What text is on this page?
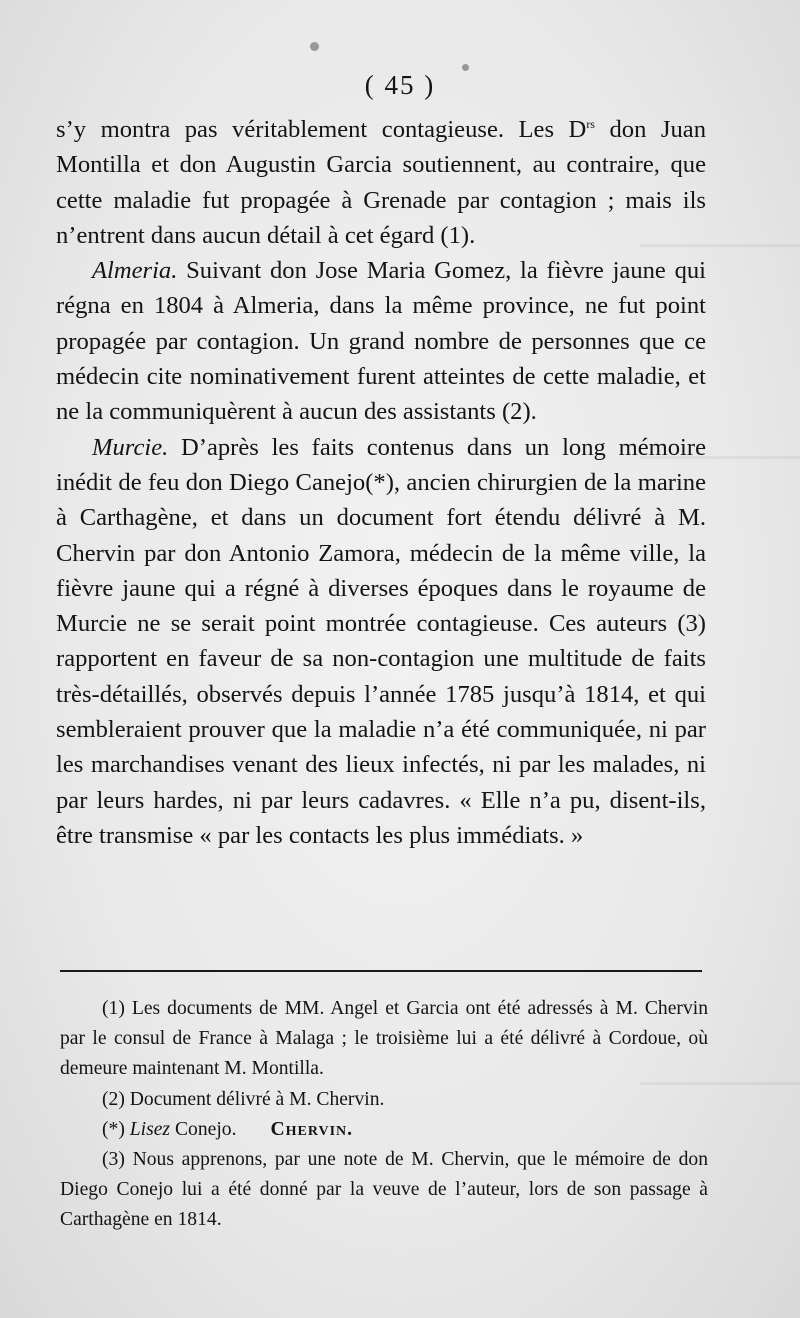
( 45 )

s’y montra pas véritablement contagieuse. Les $D^{rs}$ don Juan Montilla et don Augustin Garcia soutiennent, au contraire, que cette maladie fut propagée à Grenade par contagion ; mais ils n’entrent dans aucun détail à cet égard (1).

Almeria. Suivant don Jose Maria Gomez, la fièvre jaune qui régna en 1804 à Almeria, dans la même province, ne fut point propagée par contagion. Un grand nombre de personnes que ce médecin cite nominativement furent atteintes de cette maladie, et ne la communiquèrent à aucun des assistants (2).

Murcie. D’après les faits contenus dans un long mémoire inédit de feu don Diego Canejo(*), ancien chirurgien de la marine à Carthagène, et dans un document fort étendu délivré à M. Chervin par don Antonio Zamora, médecin de la même ville, la fièvre jaune qui a régné à diverses époques dans le royaume de Murcie ne se serait point montrée contagieuse. Ces auteurs (3) rapportent en faveur de sa non-contagion une multitude de faits très-détaillés, observés depuis l’année 1785 jusqu’à 1814, et qui sembleraient prouver que la maladie n’a été communiquée, ni par les marchandises venant des lieux infectés, ni par les malades, ni par leurs hardes, ni par leurs cadavres. « Elle n’a pu, disent-ils, être transmise « par les contacts les plus immédiats. »

(1) Les documents de MM. Angel et Garcia ont été adressés à M. Chervin par le consul de France à Malaga ; le troisième lui a été délivré à Cordoue, où demeure maintenant M. Montilla.

(2) Document délivré à M. Chervin.

(*) Lisez Conejo. Chervin.

(3) Nous apprenons, par une note de M. Chervin, que le mémoire de don Diego Conejo lui a été donné par la veuve de l’auteur, lors de son passage à Carthagène en 1814.
